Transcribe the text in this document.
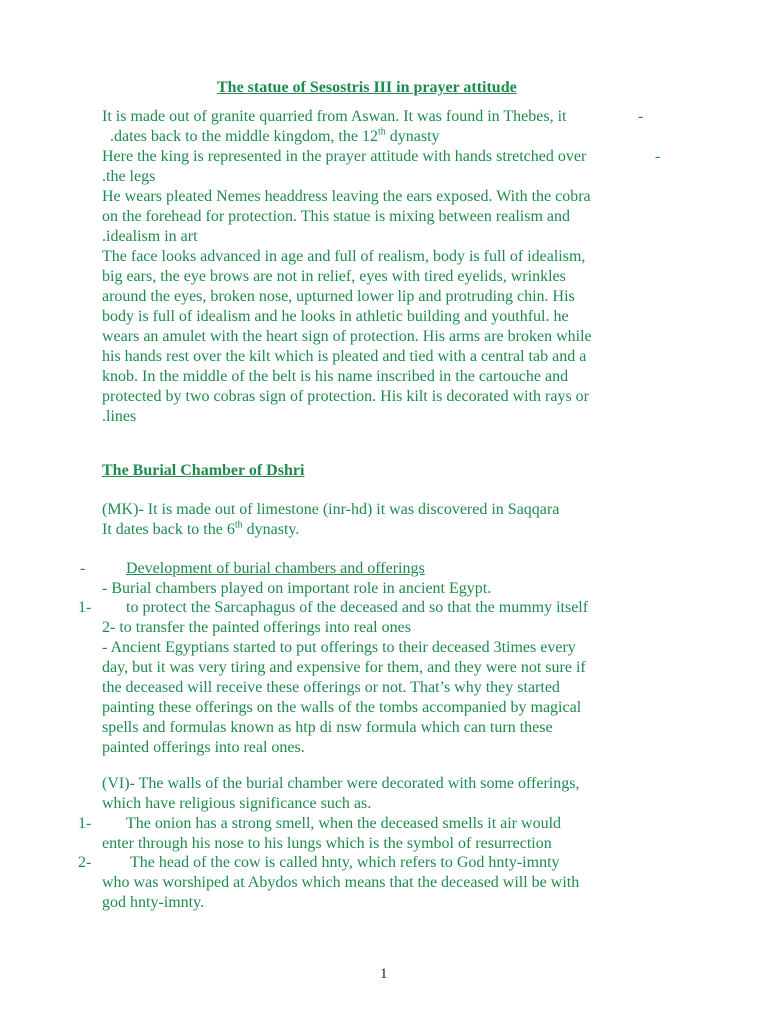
The statue of Sesostris III in prayer attitude
It is made out of granite quarried from Aswan. It was found in Thebes, it	-
.dates back to the middle kingdom, the 12th dynasty
Here the king is represented in the prayer attitude with hands stretched over	-
.the legs
He wears pleated Nemes headdress leaving the ears exposed. With the cobra
on the forehead for protection. This statue is mixing between realism and
.idealism in art
The face looks advanced in age and full of realism, body is full of idealism,
big ears, the eye brows are not in relief, eyes with tired eyelids, wrinkles
around the eyes, broken nose, upturned lower lip and protruding chin. His
body is full of idealism and he looks in athletic building and youthful. he
wears an amulet with the heart sign of protection. His arms are broken while
his hands rest over the kilt which is pleated and tied with a central tab and a
knob. In the middle of the belt is his name inscribed in the cartouche and
protected by two cobras sign of protection. His kilt is decorated with rays or
.lines
The Burial Chamber of Dshri
(MK)- It is made out of limestone (inr-hd) it was discovered in Saqqara
It dates back to the 6th dynasty.
-	Development of burial chambers and offerings
- Burial chambers played on important role in ancient Egypt.
1- to protect the Sarcaphagus of the deceased and so that the mummy itself
2- to transfer the painted offerings into real ones
- Ancient Egyptians started to put offerings to their deceased 3times every
day, but it was very tiring and expensive for them, and they were not sure if
the deceased will receive these offerings or not. That’s why they started
painting these offerings on the walls of the tombs accompanied by magical
spells and formulas known as htp di nsw formula which can turn these
painted offerings into real ones.
(VI)- The walls of the burial chamber were decorated with some offerings,
which have religious significance such as.
1- The onion has a strong smell, when the deceased smells it air would
enter through his nose to his lungs which is the symbol of resurrection
2- The head of the cow is called hnty, which refers to God hnty-imnty
who was worshiped at Abydos which means that the deceased will be with
god hnty-imnty.
1
